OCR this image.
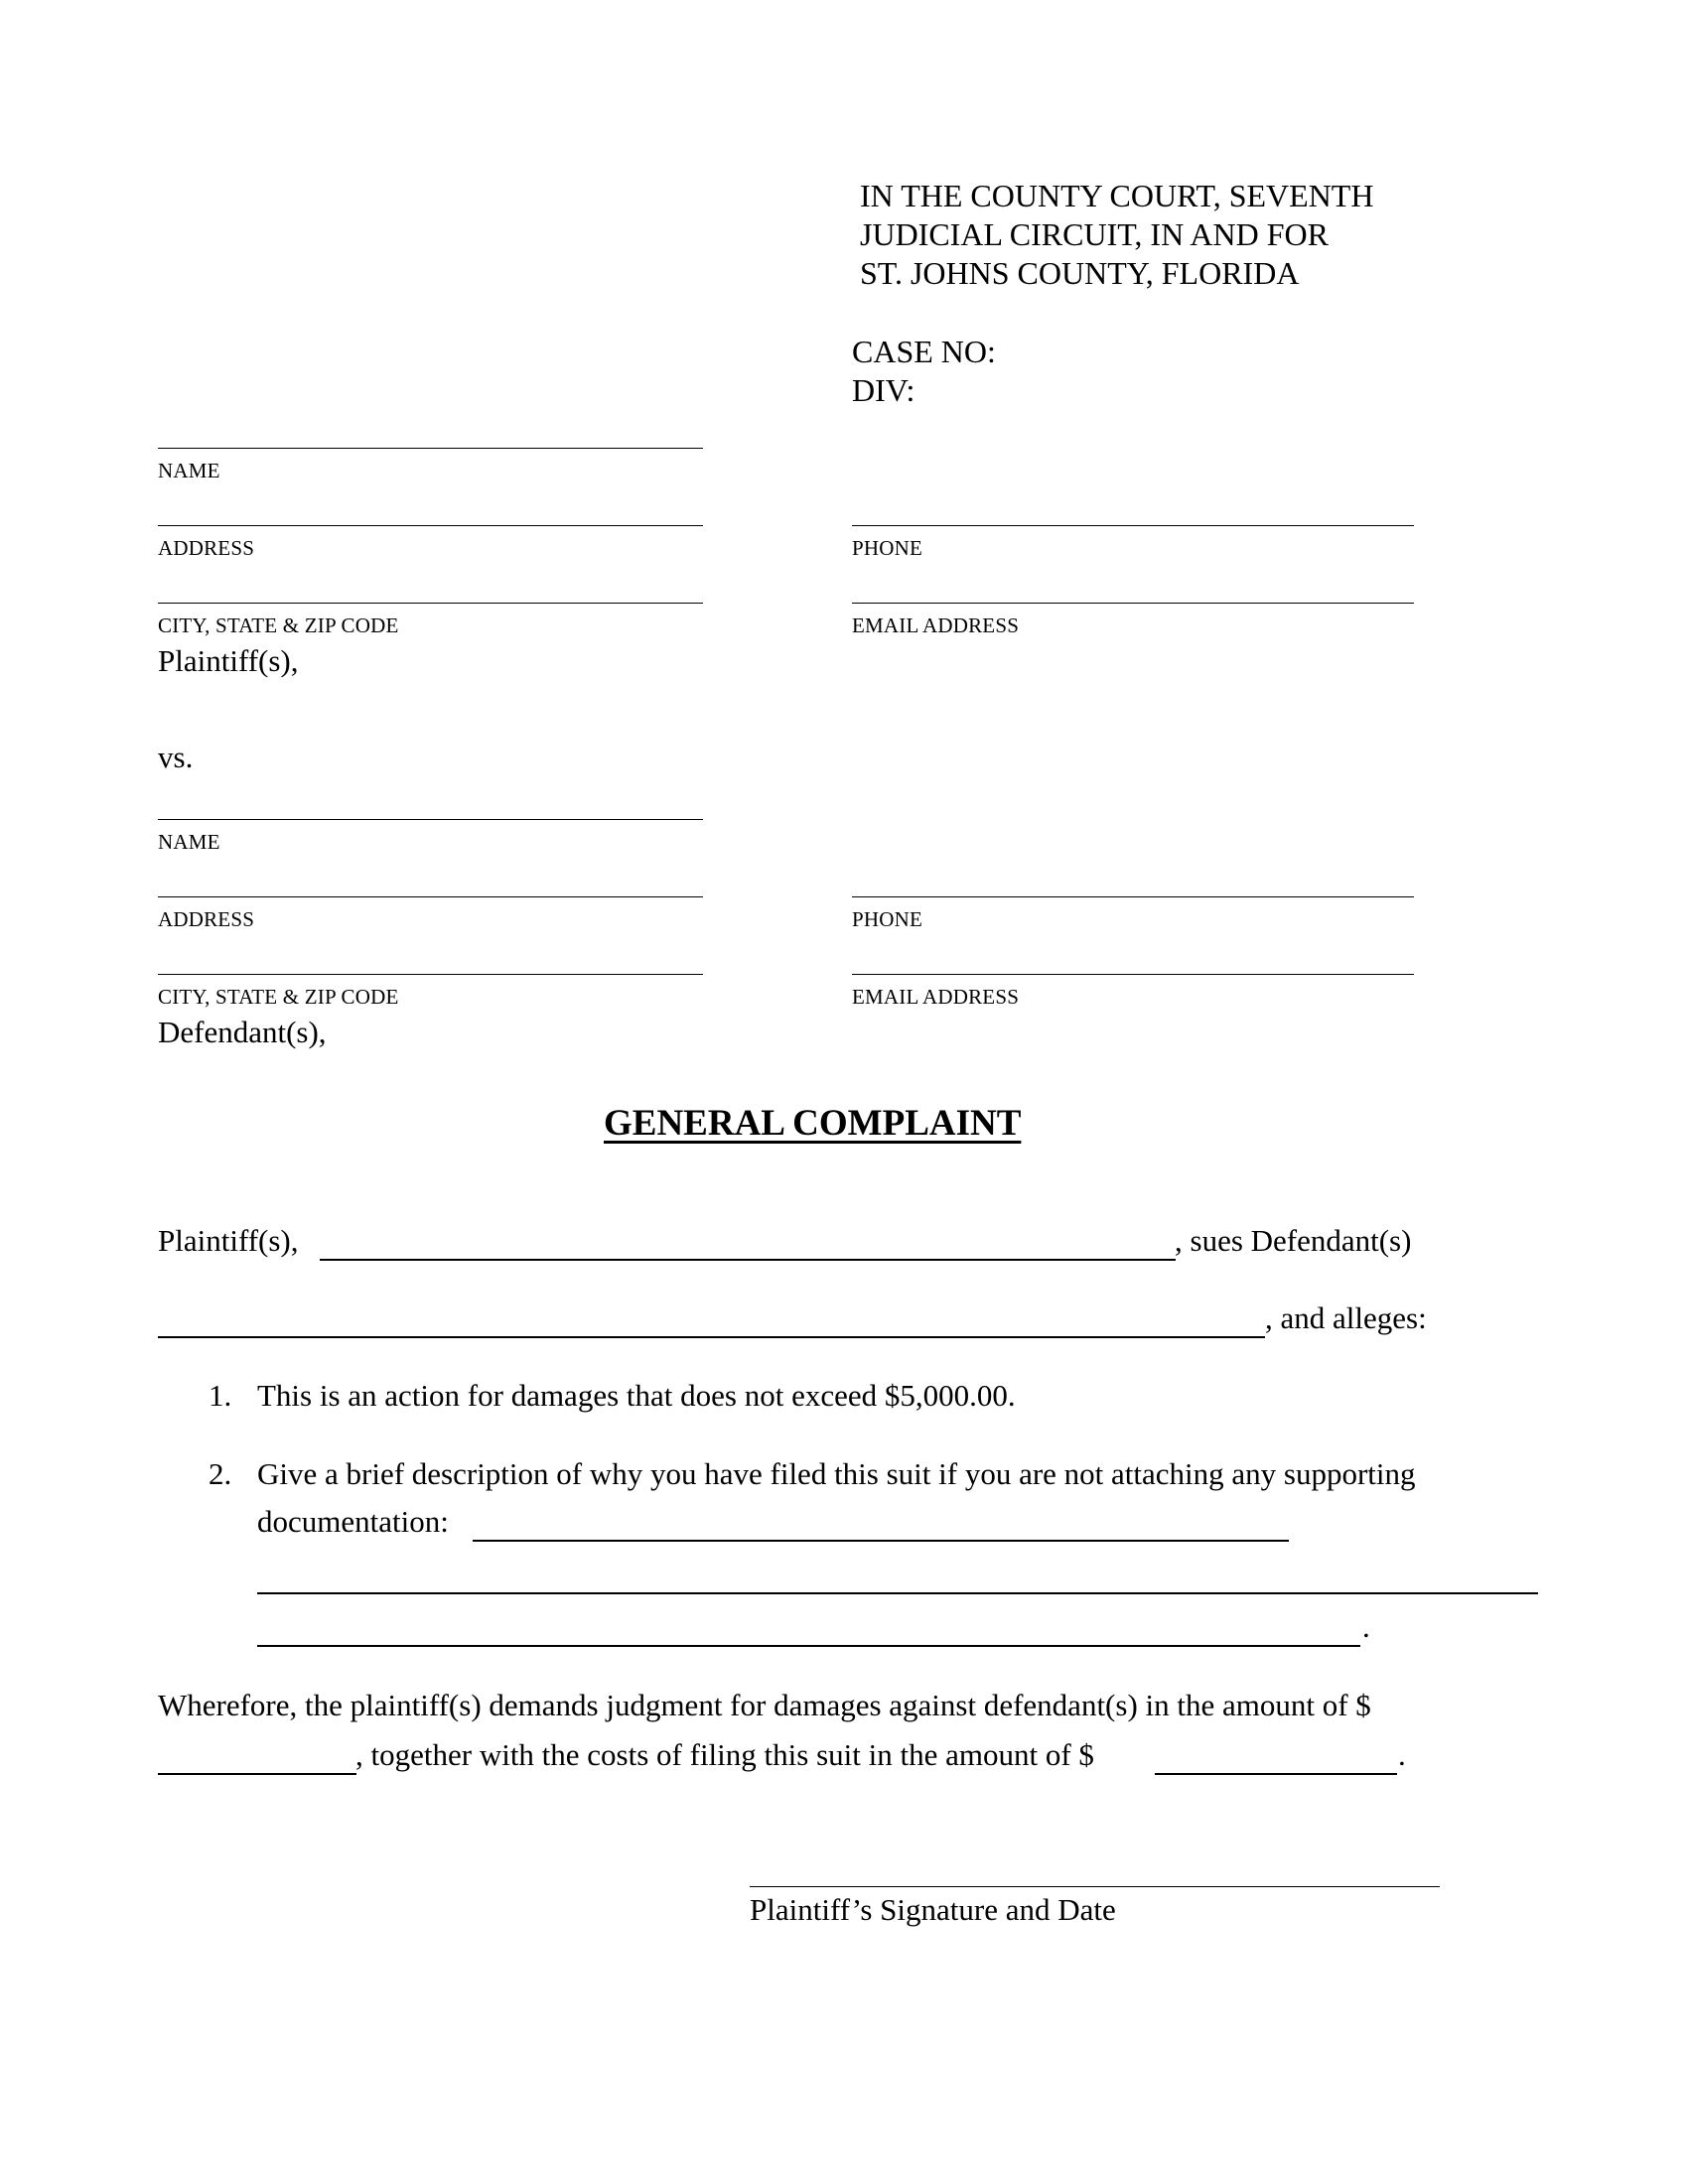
IN THE COUNTY COURT, SEVENTH
JUDICIAL CIRCUIT, IN AND FOR
ST. JOHNS COUNTY, FLORIDA
CASE NO:
DIV:
NAME
ADDRESS	PHONE
CITY, STATE & ZIP CODE	EMAIL ADDRESS
Plaintiff(s),
vs.
NAME
ADDRESS	PHONE
CITY, STATE & ZIP CODE	EMAIL ADDRESS
Defendant(s),
GENERAL COMPLAINT
Plaintiff(s),	, sues Defendant(s)
, and alleges:
1. This is an action for damages that does not exceed $5,000.00.
2. Give a brief description of why you have filed this suit if you are not attaching any supporting
documentation:
.
Wherefore, the plaintiff(s) demands judgment for damages against defendant(s) in the amount of $
, together with the costs of filing this suit in the amount of $	.
Plaintiff’s Signature and Date
